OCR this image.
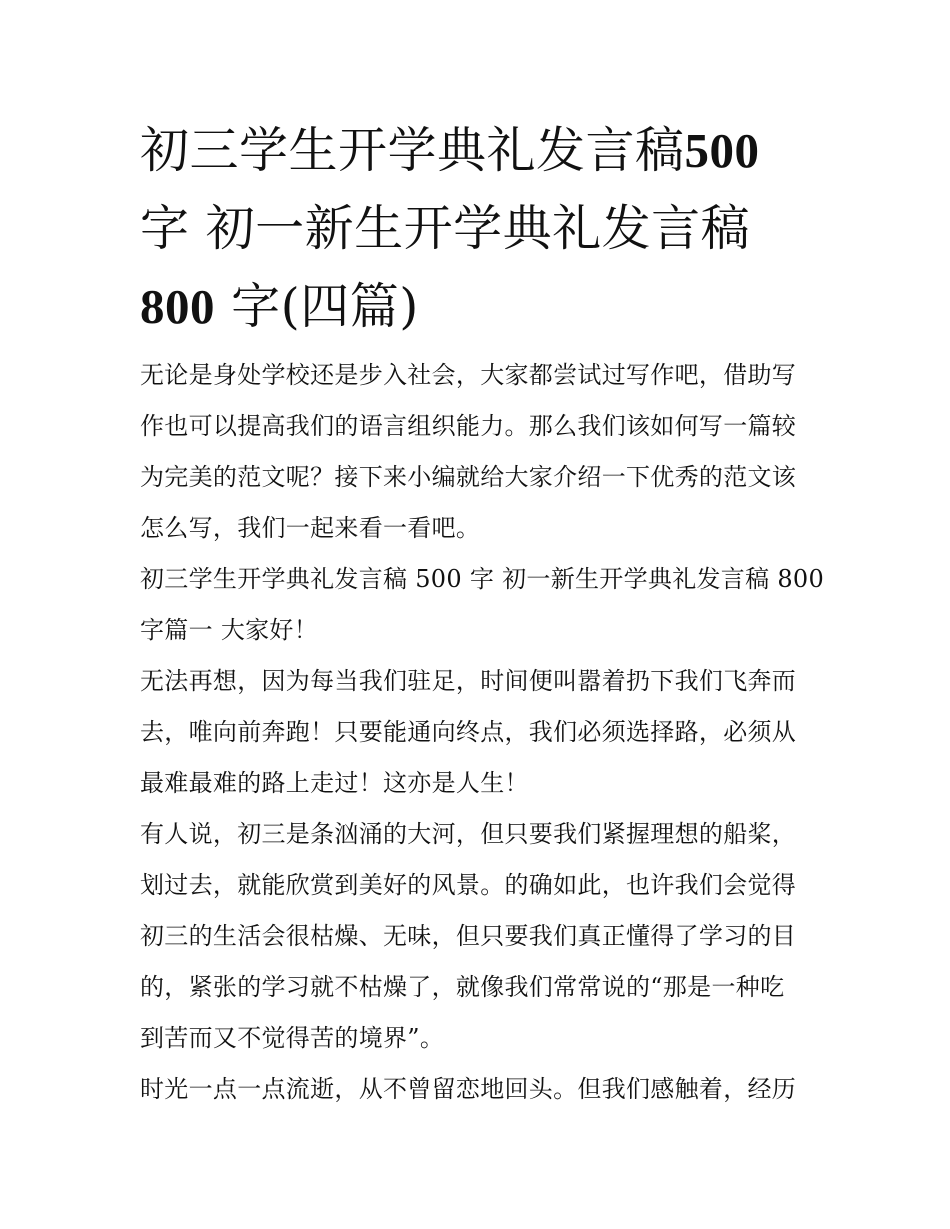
初三学生开学典礼发言稿500
字 初一新生开学典礼发言稿
800 字(四篇)

无论是身处学校还是步入社会，大家都尝试过写作吧，借助写
作也可以提高我们的语言组织能力。那么我们该如何写一篇较
为完美的范文呢？接下来小编就给大家介绍一下优秀的范文该
怎么写，我们一起来看一看吧。

初三学生开学典礼发言稿 500 字 初一新生开学典礼发言稿 800
字篇一 大家好！

无法再想，因为每当我们驻足，时间便叫嚣着扔下我们飞奔而
去，唯向前奔跑！只要能通向终点，我们必须选择路，必须从
最难最难的路上走过！这亦是人生！

有人说，初三是条汹涌的大河，但只要我们紧握理想的船桨，
划过去，就能欣赏到美好的风景。的确如此，也许我们会觉得
初三的生活会很枯燥、无味，但只要我们真正懂得了学习的目
的，紧张的学习就不枯燥了，就像我们常常说的“那是一种吃
到苦而又不觉得苦的境界”。

时光一点一点流逝，从不曾留恋地回头。但我们感触着，经历
